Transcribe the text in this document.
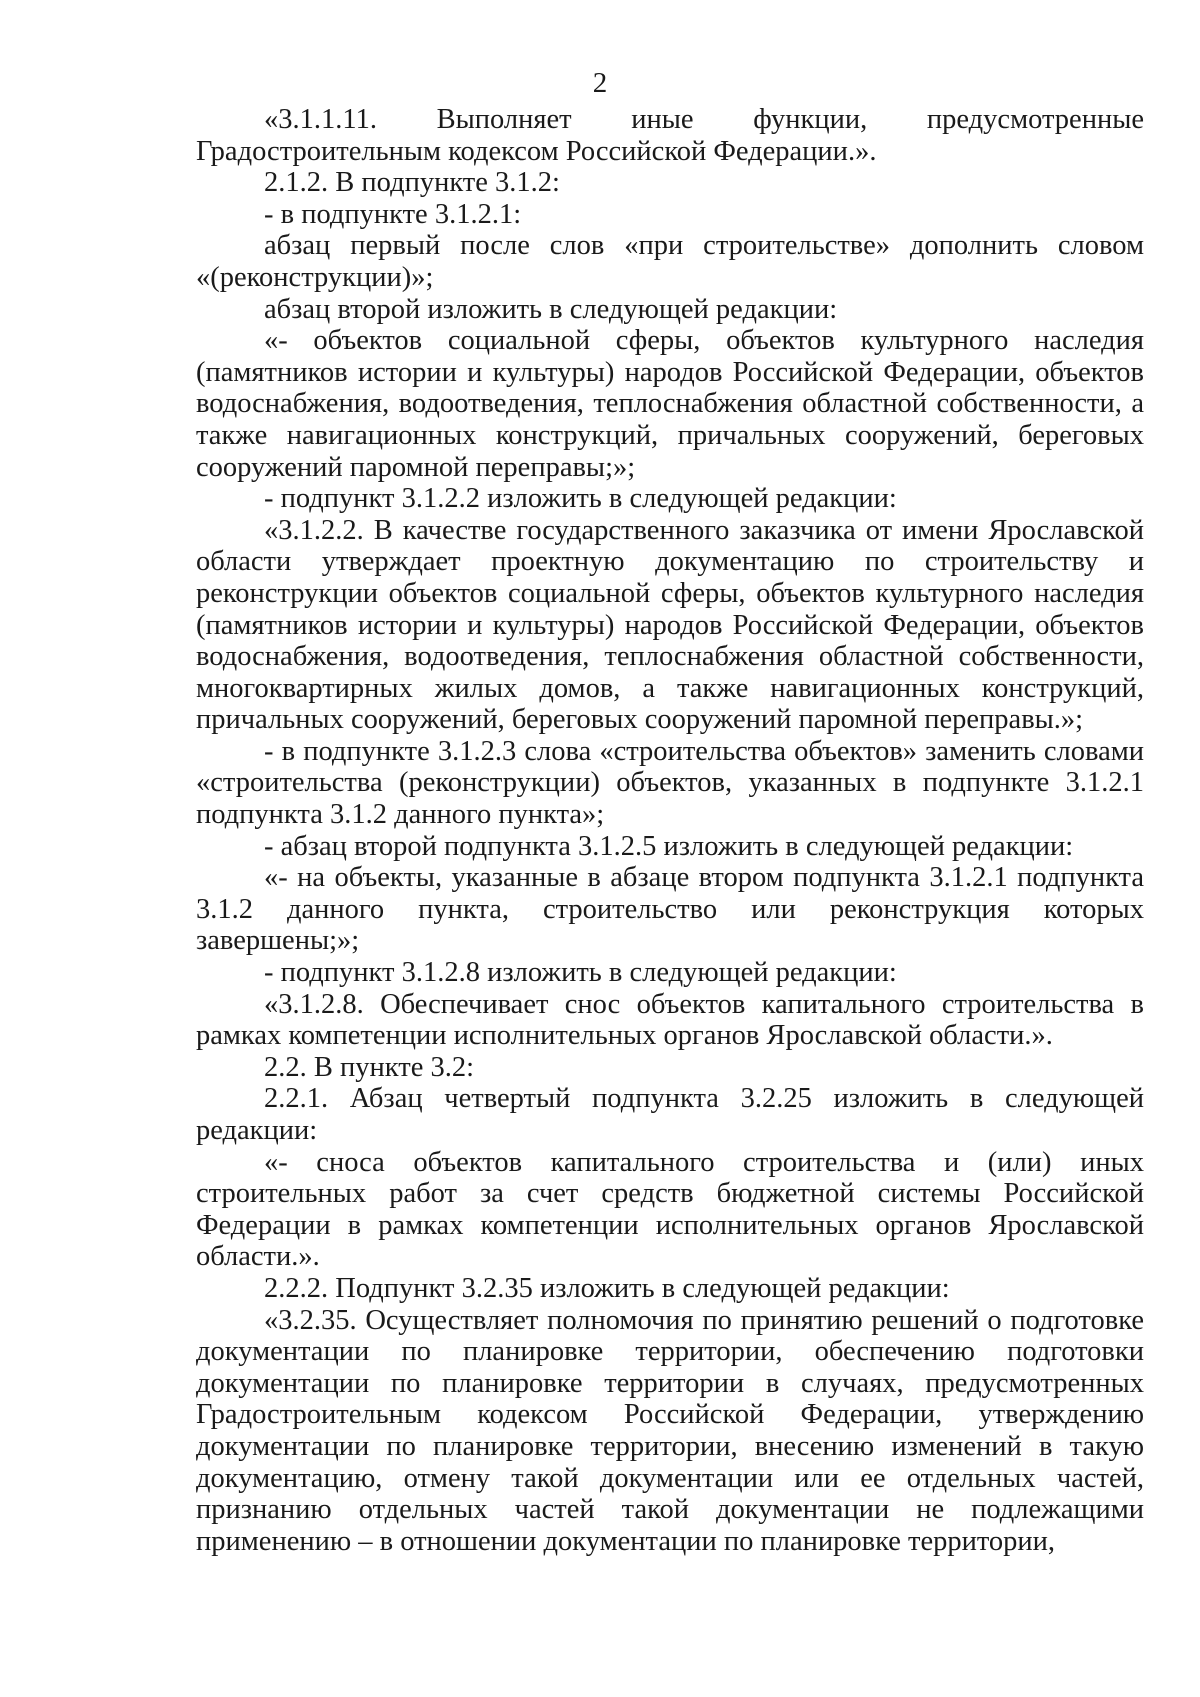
2

«3.1.1.11. Выполняет иные функции, предусмотренные Градостроительным кодексом Российской Федерации.».

2.1.2. В подпункте 3.1.2:

- в подпункте 3.1.2.1:

абзац первый после слов «при строительстве» дополнить словом «(реконструкции)»;

абзац второй изложить в следующей редакции:

«- объектов социальной сферы, объектов культурного наследия (памятников истории и культуры) народов Российской Федерации, объектов водоснабжения, водоотведения, теплоснабжения областной собственности, а также навигационных конструкций, причальных сооружений, береговых сооружений паромной переправы;»;

- подпункт 3.1.2.2 изложить в следующей редакции:

«3.1.2.2. В качестве государственного заказчика от имени Ярославской области утверждает проектную документацию по строительству и реконструкции объектов социальной сферы, объектов культурного наследия (памятников истории и культуры) народов Российской Федерации, объектов водоснабжения, водоотведения, теплоснабжения областной собственности, многоквартирных жилых домов, а также навигационных конструкций, причальных сооружений, береговых сооружений паромной переправы.»;

- в подпункте 3.1.2.3 слова «строительства объектов» заменить словами «строительства (реконструкции) объектов, указанных в подпункте 3.1.2.1 подпункта 3.1.2 данного пункта»;

- абзац второй подпункта 3.1.2.5 изложить в следующей редакции:

«- на объекты, указанные в абзаце втором подпункта 3.1.2.1 подпункта 3.1.2 данного пункта, строительство или реконструкция которых завершены;»;

- подпункт 3.1.2.8 изложить в следующей редакции:

«3.1.2.8. Обеспечивает снос объектов капитального строительства в рамках компетенции исполнительных органов Ярославской области.».

2.2. В пункте 3.2:

2.2.1. Абзац четвертый подпункта 3.2.25 изложить в следующей редакции:

«- сноса объектов капитального строительства и (или) иных строительных работ за счет средств бюджетной системы Российской Федерации в рамках компетенции исполнительных органов Ярославской области.».

2.2.2. Подпункт 3.2.35 изложить в следующей редакции:

«3.2.35. Осуществляет полномочия по принятию решений о подготовке документации по планировке территории, обеспечению подготовки документации по планировке территории в случаях, предусмотренных Градостроительным кодексом Российской Федерации, утверждению документации по планировке территории, внесению изменений в такую документацию, отмену такой документации или ее отдельных частей, признанию отдельных частей такой документации не подлежащими применению – в отношении документации по планировке территории,
